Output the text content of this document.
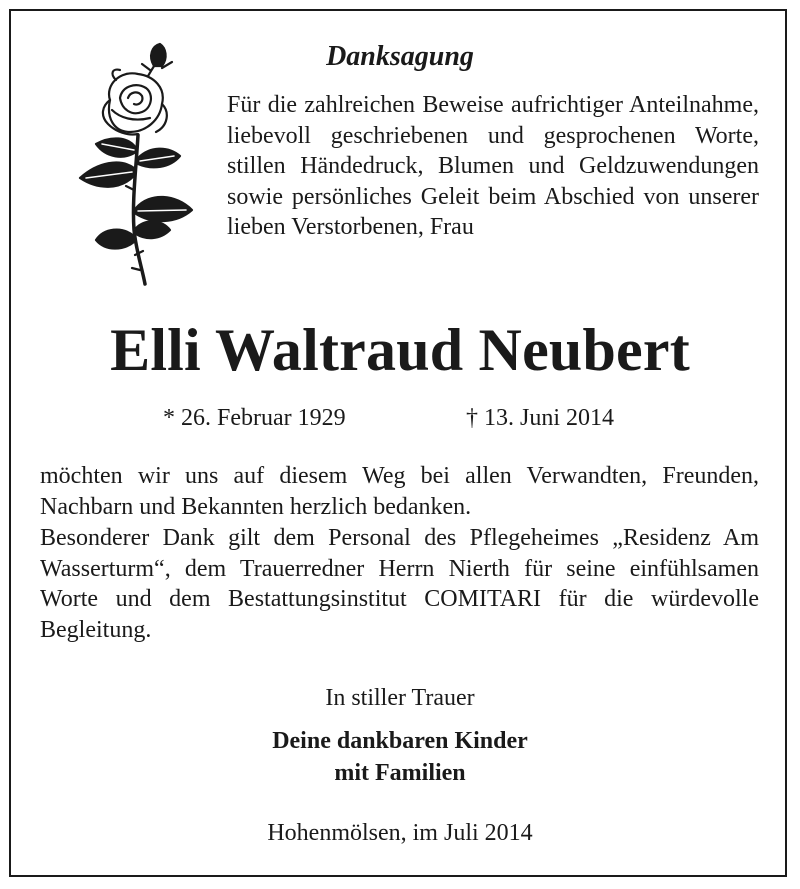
Danksagung
Für die zahlreichen Beweise aufrichtiger Anteilnahme, liebevoll geschriebenen und gesprochenen Worte, stillen Händedruck, Blumen und Geldzuwendungen sowie persönliches Geleit beim Abschied von unserer lieben Verstorbenen, Frau
Elli Waltraud Neubert
* 26. Februar 1929	† 13. Juni 2014

möchten wir uns auf diesem Weg bei allen Verwandten, Freunden, Nachbarn und Bekannten herzlich bedanken.

Besonderer Dank gilt dem Personal des Pflegeheimes „Residenz Am Wasserturm“, dem Trauerredner Herrn Nierth für seine einfühlsamen Worte und dem Bestattungsinstitut COMITARI für die würdevolle Begleitung.

In stiller Trauer
Deine dankbaren Kinder
mit Familien
Hohenmölsen, im Juli 2014
